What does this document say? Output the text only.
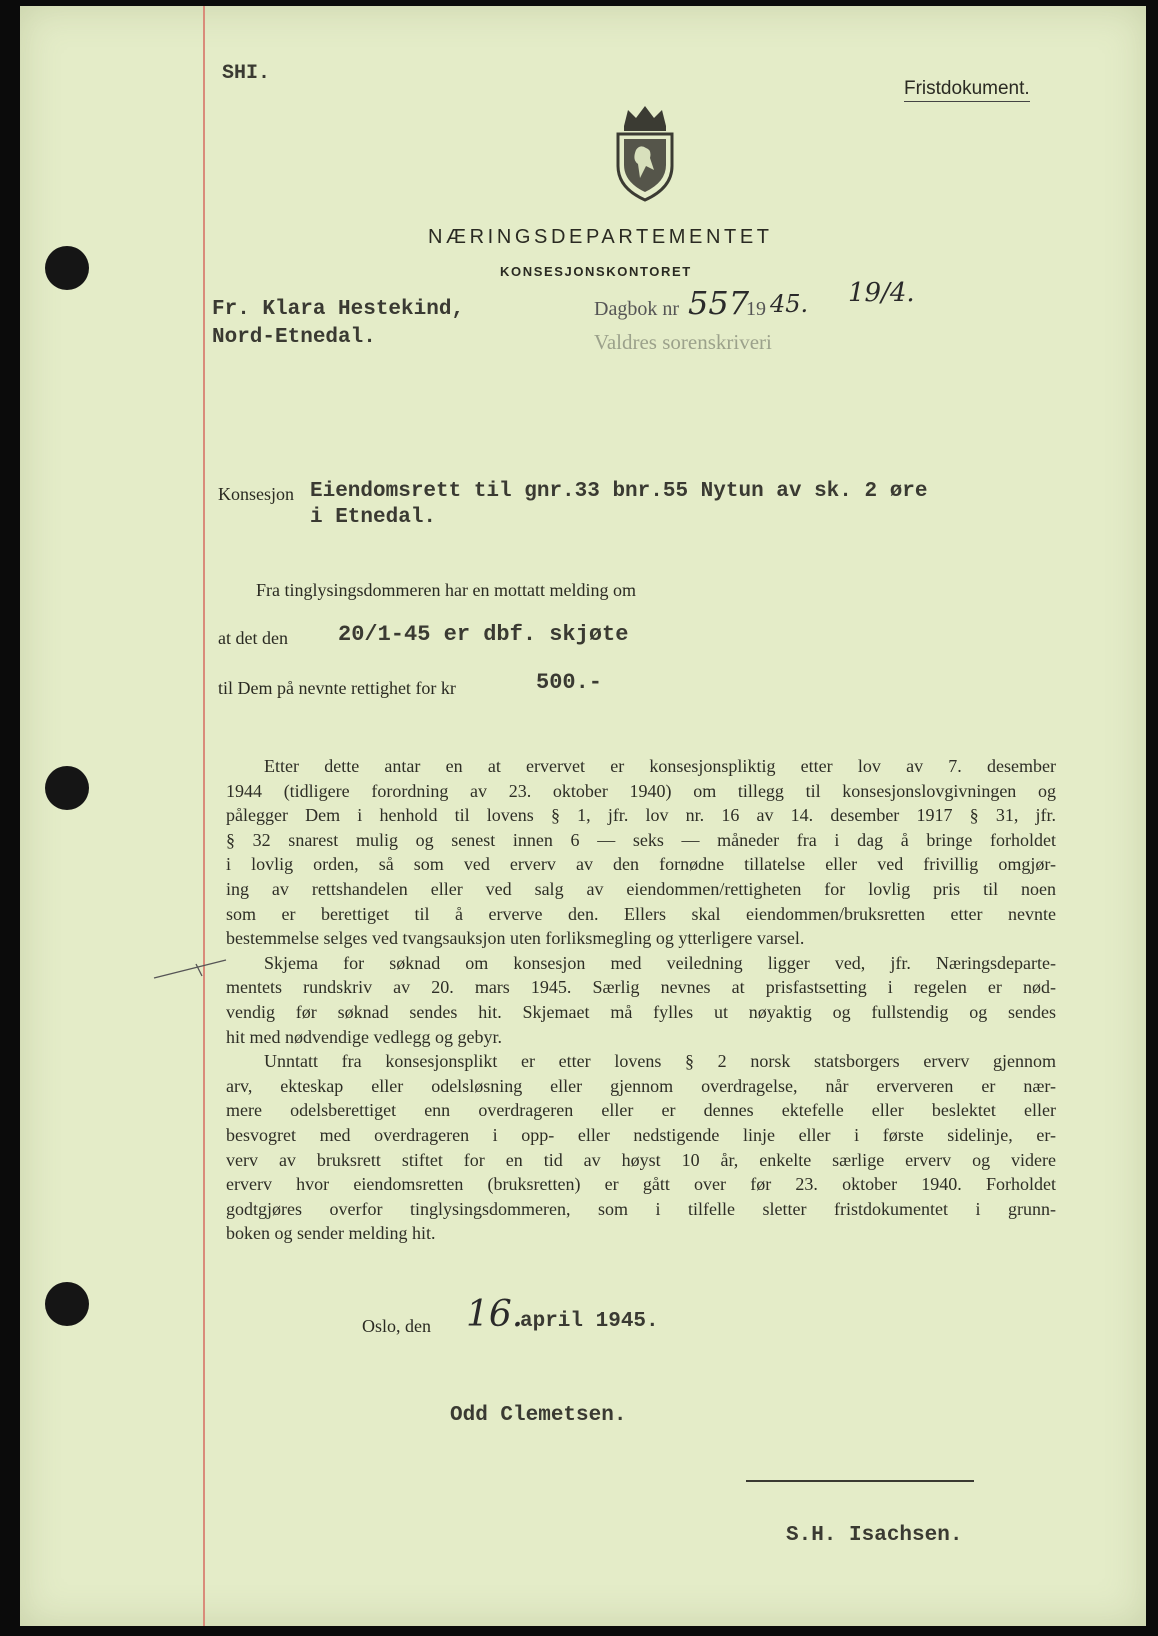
SHI.
Fristdokument.
NÆRINGSDEPARTEMENTET
KONSESJONSKONTORET
Fr. Klara Hestekind,
Nord-Etnedal.
Dagbok nr 557
19 45. 19/4.
Valdres sorenskriveri
Konsesjon Eiendomsrett til gnr.33 bnr.55 Nytun av sk. 2 øre
i Etnedal.
Fra tinglysingsdommeren har en mottatt melding om
at det den 20/1-45 er dbf. skjøte
til Dem på nevnte rettighet for kr	500.-

Etter dette antar en at ervervet er konsesjonspliktig etter lov av 7. desember

1944 (tidligere forordning av 23. oktober 1940) om tillegg til konsesjonslovgivningen og

pålegger Dem i henhold til lovens § 1, jfr. lov nr. 16 av 14. desember 1917 § 31, jfr.

§ 32 snarest mulig og senest innen 6 — seks — måneder fra i dag å bringe forholdet

i lovlig orden, så som ved erverv av den fornødne tillatelse eller ved frivillig omgjør-

ing av rettshandelen eller ved salg av eiendommen/rettigheten for lovlig pris til noen

som er berettiget til å erverve den. Ellers skal eiendommen/bruksretten etter nevnte

bestemmelse selges ved tvangsauksjon uten forliksmegling og ytterligere varsel.

Skjema for søknad om konsesjon med veiledning ligger ved, jfr. Næringsdeparte-

mentets rundskriv av 20. mars 1945. Særlig nevnes at prisfastsetting i regelen er nød-

vendig før søknad sendes hit. Skjemaet må fylles ut nøyaktig og fullstendig og sendes

hit med nødvendige vedlegg og gebyr.

Unntatt fra konsesjonsplikt er etter lovens § 2 norsk statsborgers erverv gjennom

arv, ekteskap eller odelsløsning eller gjennom overdragelse, når erververen er nær-

mere odelsberettiget enn overdrageren eller er dennes ektefelle eller beslektet eller

besvogret med overdrageren i opp- eller nedstigende linje eller i første sidelinje, er-

verv av bruksrett stiftet for en tid av høyst 10 år, enkelte særlige erverv og videre

erverv hvor eiendomsretten (bruksretten) er gått over før 23. oktober 1940. Forholdet

godtgjøres overfor tinglysingsdommeren, som i tilfelle sletter fristdokumentet i grunn-

boken og sender melding hit.

Oslo, den 16.
april 1945.
Odd Clemetsen.
S.H. Isachsen.
